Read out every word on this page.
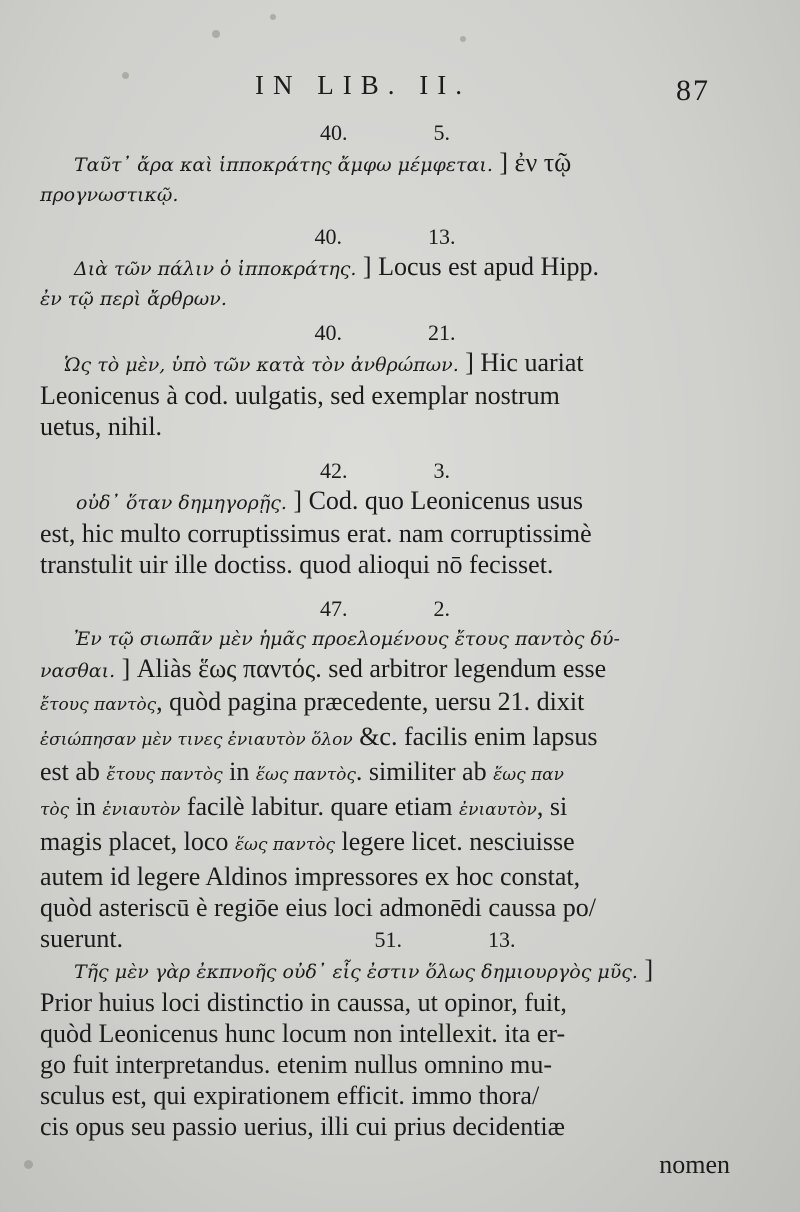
IN LIB. II.	87
40.	5.
Ταῦτ᾽ ἄρα καὶ ἱπποκράτης ἄμφω μέμφεται. ] ἐν τῷ
προγνωστικῷ.
40.	13.
Διὰ τῶν πάλιν ὁ ἱπποκράτης. ] Locus est apud Hipp.
ἐν τῷ περὶ ἄρθρων.
40.	21.
Ὡς τὸ μὲν, ὑπὸ τῶν κατὰ τὸν ἀνθρώπων. ] Hic uariat
Leonicenus à cod. uulgatis, sed exemplar nostrum
uetus, nihil.
42.	3.
οὐδ᾽ ὅταν δημηγορῇς. ] Cod. quo Leonicenus usus
est, hic multo corruptissimus erat. nam corruptissimè
transtulit uir ille doctiss. quod alioqui nō fecisset.
47.	2.
Ἐν τῷ σιωπᾶν μὲν ἡμᾶς προελομένους ἔτους παντὸς δύ-
νασθαι. ] Aliàs ἕως παντός. sed arbitror legendum esse
ἔτους παντὸς, quòd pagina præcedente, uersu 21. dixit
ἐσιώπησαν μὲν τινες ἐνιαυτὸν ὅλον &c. facilis enim lapsus
est ab ἔτους παντὸς in ἕως παντὸς. similiter ab ἕως παν
τὸς in ἐνιαυτὸν facilè labitur. quare etiam ἐνιαυτὸν, si
magis placet, loco ἕως παντὸς legere licet. nesciuisse
autem id legere Aldinos impressores ex hoc constat,
quòd asteriscū è regiōe eius loci admonēdi caussa po/
suerunt.	51.	13.
Τῆς μὲν γὰρ ἐκπνοῆς οὐδ᾽ εἷς ἐστιν ὅλως δημιουργὸς μῦς. ]
Prior huius loci distinctio in caussa, ut opinor, fuit,
quòd Leonicenus hunc locum non intellexit. ita er-
go fuit interpretandus. etenim nullus omnino mu-
sculus est, qui expirationem efficit. immo thora/
cis opus seu passio uerius, illi cui prius decidentiæ
nomen
